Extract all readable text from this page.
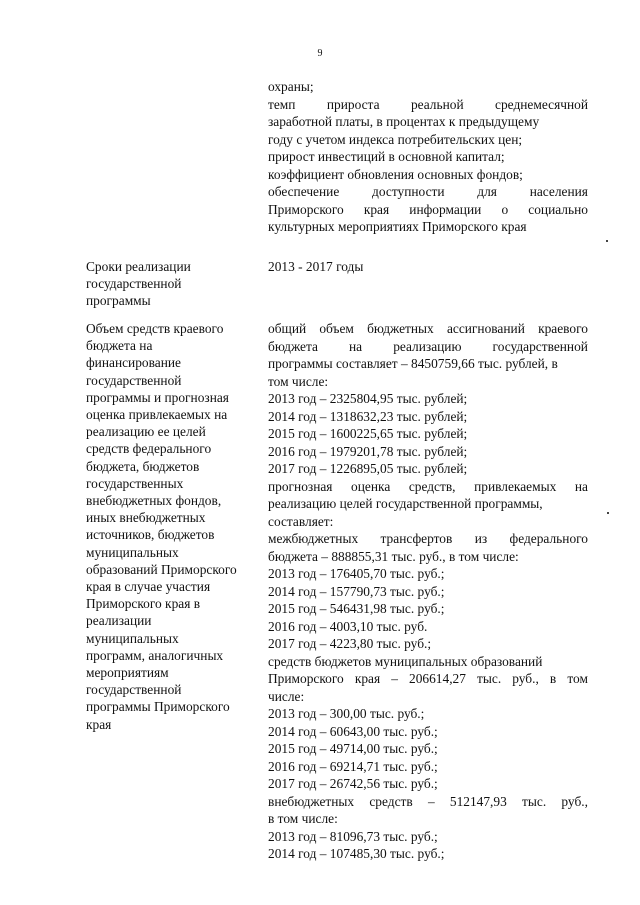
9
охраны;
темп прироста реальной среднемесячной
заработной платы, в процентах к предыдущему
году с учетом индекса потребительских цен;
прирост инвестиций в основной капитал;
коэффициент обновления основных фондов;
обеспечение доступности для населения
Приморского края информации о социально
культурных мероприятиях Приморского края
Сроки реализации
государственной
программы
2013 - 2017 годы
Объем средств краевого
бюджета на
финансирование
государственной
программы и прогнозная
оценка привлекаемых на
реализацию ее целей
средств федерального
бюджета, бюджетов
государственных
внебюджетных фондов,
иных внебюджетных
источников, бюджетов
муниципальных
образований Приморского
края в случае участия
Приморского края в
реализации
муниципальных
программ, аналогичных
мероприятиям
государственной
программы Приморского
края
общий объем бюджетных ассигнований краевого
бюджета на реализацию государственной
программы составляет – 8450759,66 тыс. рублей, в
том числе:
2013 год – 2325804,95 тыс. рублей;
2014 год – 1318632,23 тыс. рублей;
2015 год – 1600225,65 тыс. рублей;
2016 год – 1979201,78 тыс. рублей;
2017 год – 1226895,05 тыс. рублей;
прогнозная оценка средств, привлекаемых на
реализацию целей государственной программы,
составляет:
межбюджетных трансфертов из федерального
бюджета – 888855,31 тыс. руб., в том числе:
2013 год – 176405,70 тыс. руб.;
2014 год – 157790,73 тыс. руб.;
2015 год – 546431,98 тыс. руб.;
2016 год – 4003,10 тыс. руб.
2017 год – 4223,80 тыс. руб.;
средств бюджетов муниципальных образований
Приморского края – 206614,27 тыс. руб., в том
числе:
2013 год – 300,00 тыс. руб.;
2014 год – 60643,00 тыс. руб.;
2015 год – 49714,00 тыс. руб.;
2016 год – 69214,71 тыс. руб.;
2017 год – 26742,56 тыс. руб.;
внебюджетных средств – 512147,93 тыс. руб.,
в том числе:
2013 год – 81096,73 тыс. руб.;
2014 год – 107485,30 тыс. руб.;
